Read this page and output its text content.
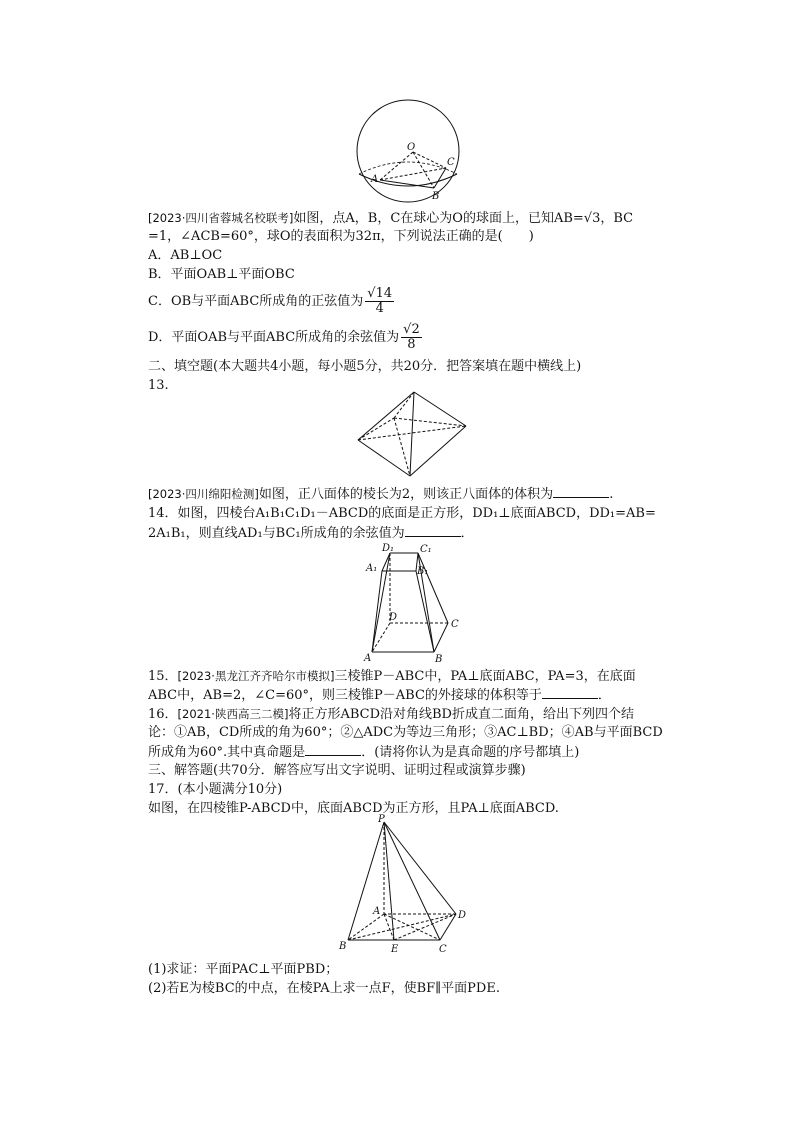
O
C
A
B
[2023·四川省蓉城名校联考]如图，点A，B，C在球心为O的球面上，已知AB=√3，BC
=1，∠ACB=60°，球O的表面积为32π，下列说法正确的是(　　)
A．AB⊥OC
B．平面OAB⊥平面OBC
C．OB与平面ABC所成角的正弦值为 $\frac{√14}{4}$
D．平面OAB与平面ABC所成角的余弦值为 $\frac{√2}{8}$
二、填空题(本大题共4小题，每小题5分，共20分．把答案填在题中横线上)
13.
[2023·四川绵阳检测]如图，正八面体的棱长为2，则该正八面体的体积为	.
14．如图，四棱台A₁B₁C₁D₁－ABCD的底面是正方形，DD₁⊥底面ABCD，DD₁=AB=
2A₁B₁，则直线AD₁与BC₁所成角的余弦值为	．
D₁	C₁
A₁	B₁
D
C
A	B
15．[2023·黑龙江齐齐哈尔市模拟]三棱锥P－ABC中，PA⊥底面ABC，PA=3，在底面
ABC中，AB=2，∠C=60°，则三棱锥P－ABC的外接球的体积等于	．
16．[2021·陕西高三二模]将正方形ABCD沿对角线BD折成直二面角，给出下列四个结
论：①AB，CD所成的角为60°；②△ADC为等边三角形；③AC⊥BD；④AB与平面BCD
所成角为60°.其中真命题是	．(请将你认为是真命题的序号都填上)
三、解答题(共70分．解答应写出文字说明、证明过程或演算步骤)
17．(本小题满分10分)
如图，在四棱锥P-ABCD中，底面ABCD为正方形，且PA⊥底面ABCD.
P
A	D
B	E	C
(1)求证：平面PAC⊥平面PBD；
(2)若E为棱BC的中点，在棱PA上求一点F，使BF∥平面PDE.
